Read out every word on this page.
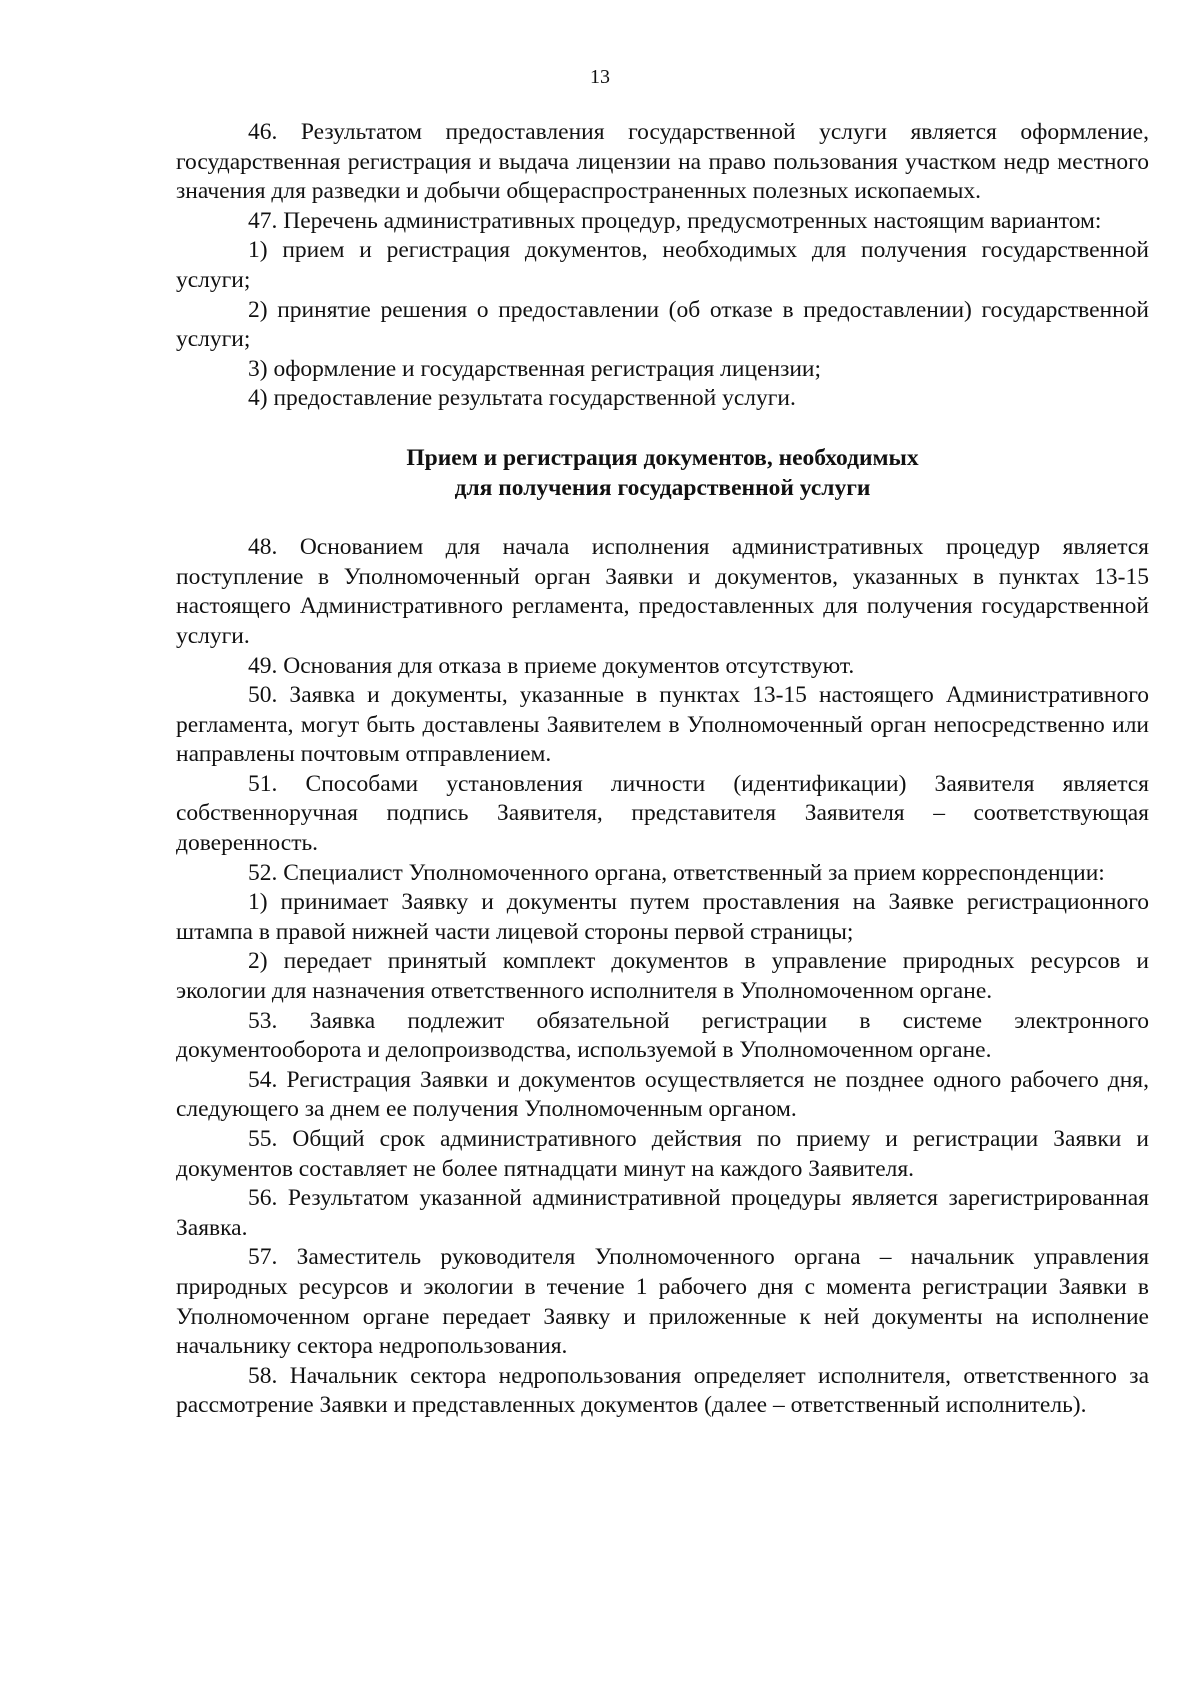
13

46. Результатом предоставления государственной услуги является оформление, государственная регистрация и выдача лицензии на право пользования участком недр местного значения для разведки и добычи общераспространенных полезных ископаемых.

47. Перечень административных процедур, предусмотренных настоящим вариантом:

1) прием и регистрация документов, необходимых для получения государственной услуги;

2) принятие решения о предоставлении (об отказе в предоставлении) государственной услуги;

3) оформление и государственная регистрация лицензии;

4) предоставление результата государственной услуги.

Прием и регистрация документов, необходимых
для получения государственной услуги

48. Основанием для начала исполнения административных процедур является поступление в Уполномоченный орган Заявки и документов, указанных в пунктах 13-15 настоящего Административного регламента, предоставленных для получения государственной услуги.

49. Основания для отказа в приеме документов отсутствуют.

50. Заявка и документы, указанные в пунктах 13-15 настоящего Административного регламента, могут быть доставлены Заявителем в Уполномоченный орган непосредственно или направлены почтовым отправлением.

51. Способами установления личности (идентификации) Заявителя является собственноручная подпись Заявителя, представителя Заявителя – соответствующая доверенность.

52. Специалист Уполномоченного органа, ответственный за прием корреспонденции:

1) принимает Заявку и документы путем проставления на Заявке регистрационного штампа в правой нижней части лицевой стороны первой страницы;

2) передает принятый комплект документов в управление природных ресурсов и экологии для назначения ответственного исполнителя в Уполномоченном органе.

53. Заявка подлежит обязательной регистрации в системе электронного документооборота и делопроизводства, используемой в Уполномоченном органе.

54. Регистрация Заявки и документов осуществляется не позднее одного рабочего дня, следующего за днем ее получения Уполномоченным органом.

55. Общий срок административного действия по приему и регистрации Заявки и документов составляет не более пятнадцати минут на каждого Заявителя.

56. Результатом указанной административной процедуры является зарегистрированная Заявка.

57. Заместитель руководителя Уполномоченного органа – начальник управления природных ресурсов и экологии в течение 1 рабочего дня с момента регистрации Заявки в Уполномоченном органе передает Заявку и приложенные к ней документы на исполнение начальнику сектора недропользования.

58. Начальник сектора недропользования определяет исполнителя, ответственного за рассмотрение Заявки и представленных документов (далее – ответственный исполнитель).
